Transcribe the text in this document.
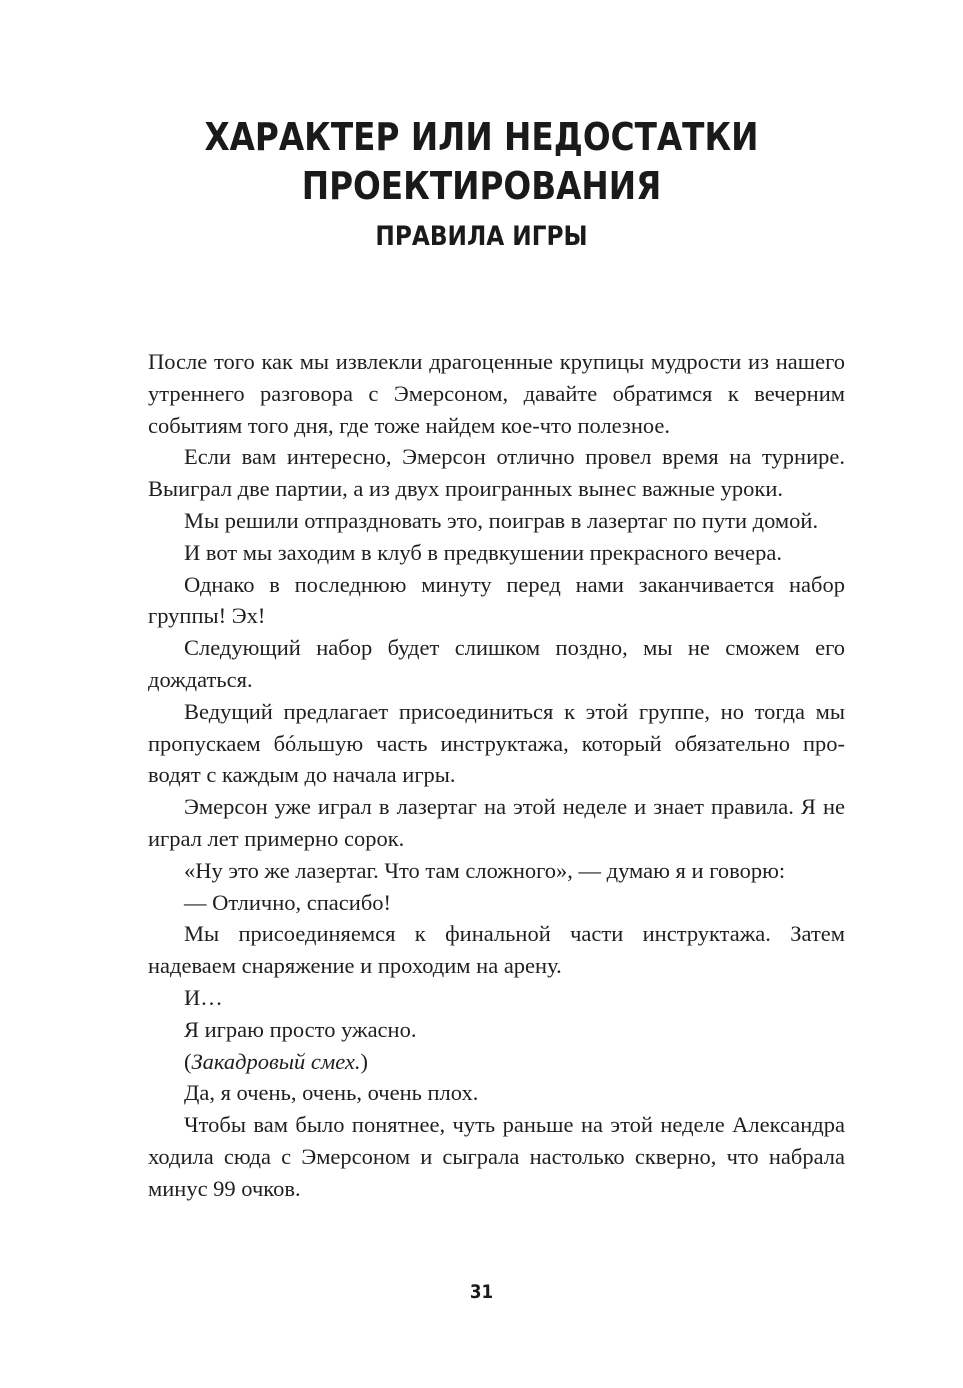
ХАРАКТЕР ИЛИ НЕДОСТАТКИ
ПРОЕКТИРОВАНИЯ
ПРАВИЛА ИГРЫ

После того как мы извлекли драгоценные крупицы мудрости из нашего утреннего разговора с Эмерсоном, давайте обратимся к вечерним событиям того дня, где тоже найдем кое-что полезное.

Если вам интересно, Эмерсон отлично провел время на турнире. Выиграл две партии, а из двух проигранных вынес важные уроки.

Мы решили отпраздновать это, поиграв в лазертаг по пути домой.

И вот мы заходим в клуб в предвкушении прекрасного вечера.

Однако в последнюю минуту перед нами заканчивается набор группы! Эх!

Следующий набор будет слишком поздно, мы не сможем его дождаться.

Ведущий предлагает присоединиться к этой группе, но тогда мы пропускаем бóльшую часть инструктажа, который обязательно проводят с каждым до начала игры.

Эмерсон уже играл в лазертаг на этой неделе и знает правила. Я не играл лет примерно сорок.

«Ну это же лазертаг. Что там сложного», — думаю я и говорю:

— Отлично, спасибо!

Мы присоединяемся к финальной части инструктажа. Затем надеваем снаряжение и проходим на арену.

И…

Я играю просто ужасно.

(Закадровый смех.)

Да, я очень, очень, очень плох.

Чтобы вам было понятнее, чуть раньше на этой неделе Александра ходила сюда с Эмерсоном и сыграла настолько скверно, что набрала минус 99 очков.

31
